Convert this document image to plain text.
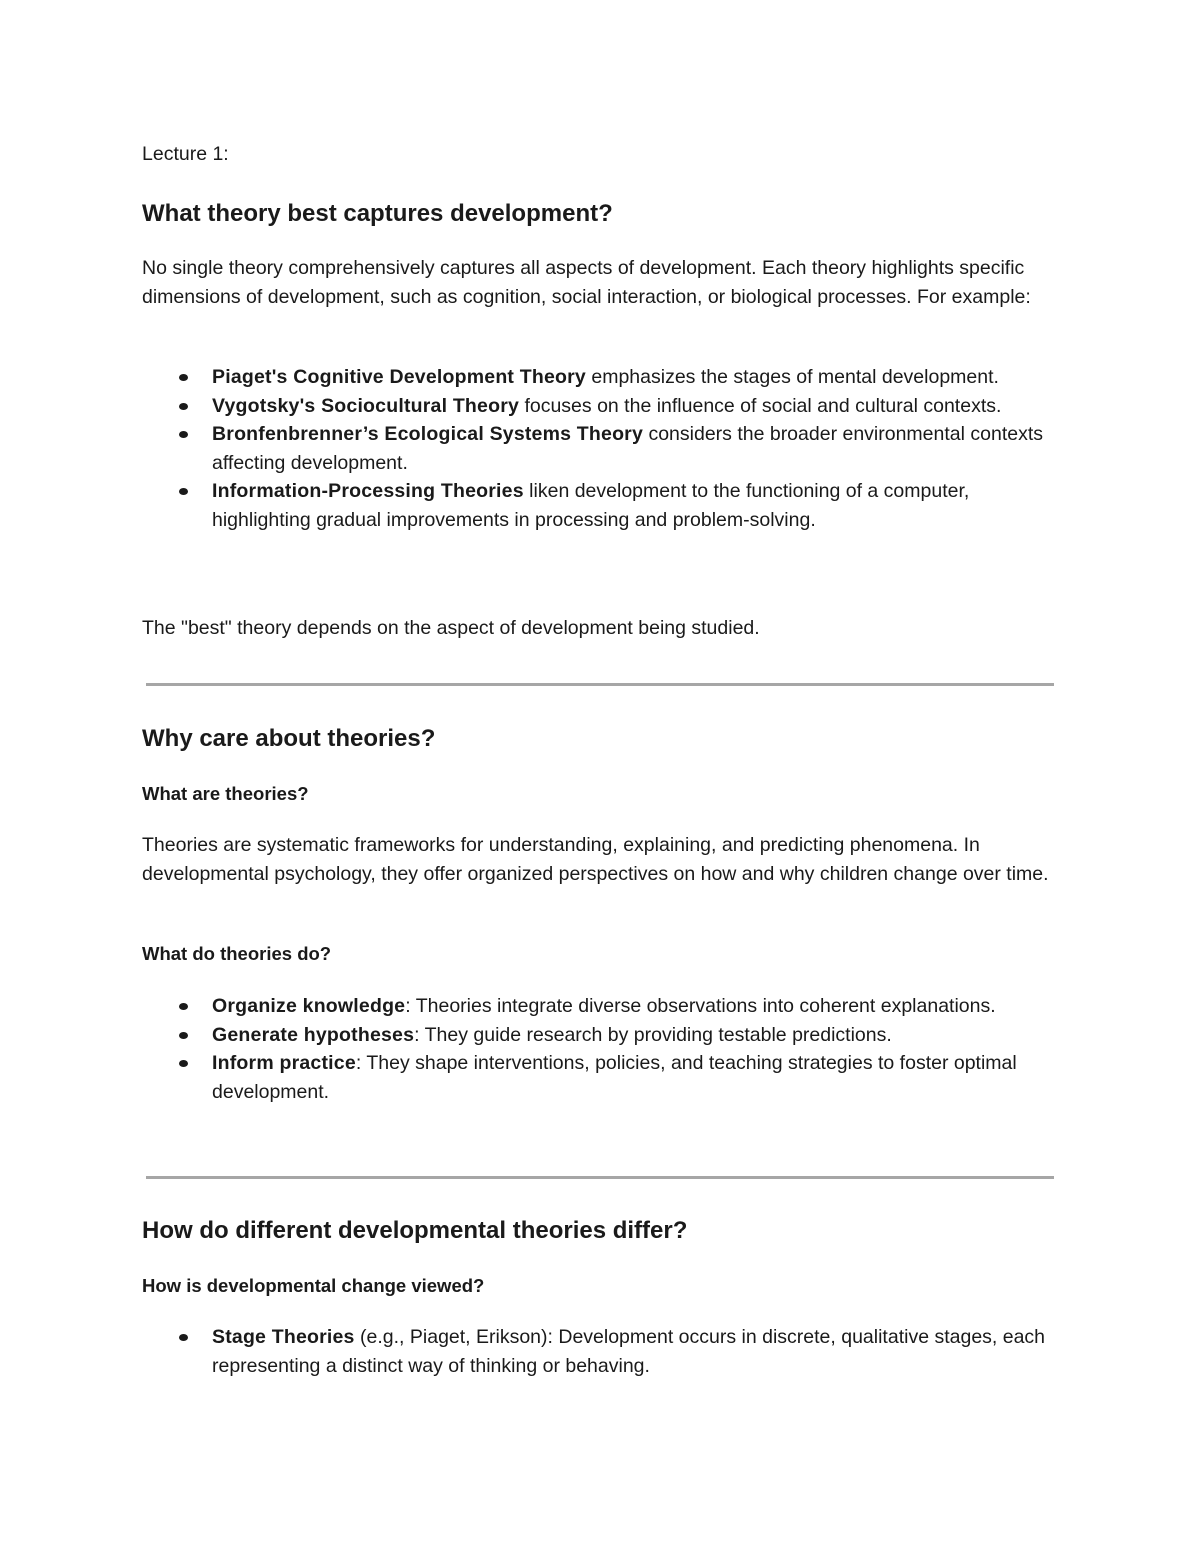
Lecture 1:

What theory best captures development?

No single theory comprehensively captures all aspects of development. Each theory highlights specific dimensions of development, such as cognition, social interaction, or biological processes. For example:

Piaget's Cognitive Development Theory emphasizes the stages of mental development.
Vygotsky's Sociocultural Theory focuses on the influence of social and cultural contexts.
Bronfenbrenner’s Ecological Systems Theory considers the broader environmental contexts affecting development.
Information-Processing Theories liken development to the functioning of a computer, highlighting gradual improvements in processing and problem-solving.

The "best" theory depends on the aspect of development being studied.

Why care about theories?
What are theories?

Theories are systematic frameworks for understanding, explaining, and predicting phenomena. In developmental psychology, they offer organized perspectives on how and why children change over time.

What do theories do?
Organize knowledge: Theories integrate diverse observations into coherent explanations.
Generate hypotheses: They guide research by providing testable predictions.
Inform practice: They shape interventions, policies, and teaching strategies to foster optimal development.
How do different developmental theories differ?
How is developmental change viewed?
Stage Theories (e.g., Piaget, Erikson): Development occurs in discrete, qualitative stages, each representing a distinct way of thinking or behaving.
